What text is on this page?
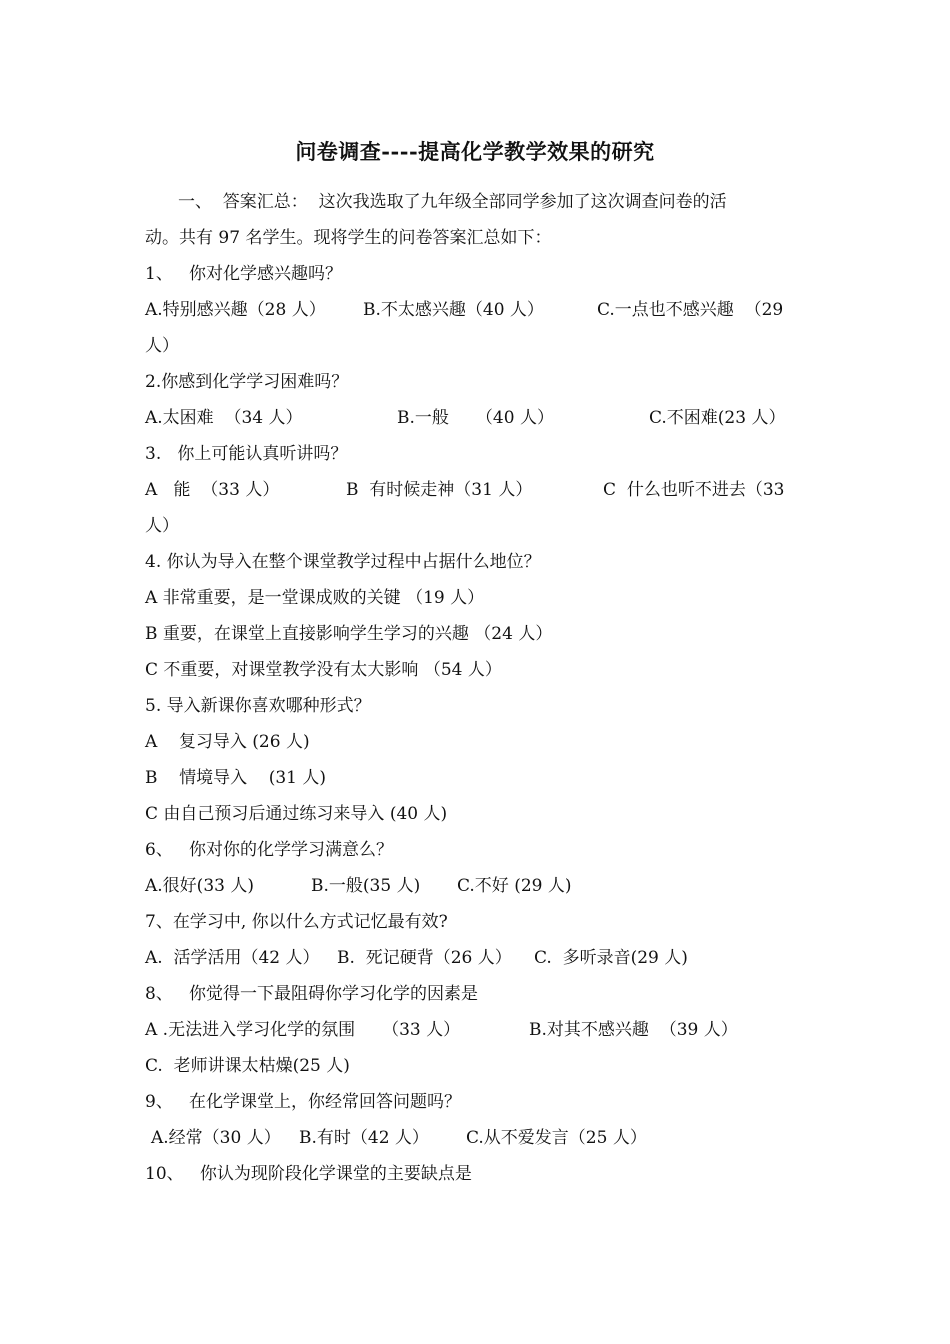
问卷调查----提高化学教学效果的研究
一、  答案汇总：  这次我选取了九年级全部同学参加了这次调查问卷的活
动。共有 97 名学生。现将学生的问卷答案汇总如下：
1、   你对化学感兴趣吗？

A.特别感兴趣（28 人）

B.不太感兴趣（40 人）

	C.一点也不感兴趣  （29

人）
2.你感到化学学习困难吗？

A.太困难  （34 人）

	B.一般     （40 人）

	C.不困难(23 人）

3.   你上可能认真听讲吗？

A   能  （33 人）

	B  有时候走神（31 人）

	C  什么也听不进去（33

人）
4. 你认为导入在整个课堂教学过程中占据什么地位？
A 非常重要，是一堂课成败的关键 （19 人）
B 重要，在课堂上直接影响学生学习的兴趣 （24 人）
C 不重要，对课堂教学没有太大影响 （54 人）
5. 导入新课你喜欢哪种形式？
A    复习导入 (26 人)
B    情境导入    (31 人)
C 由自己预习后通过练习来导入 (40 人)
6、   你对你的化学学习满意么？

A.很好(33 人)

	B.一般(35 人)

C.不好 (29 人)

7、在学习中, 你以什么方式记忆最有效?

A.  活学活用（42 人）

B.  死记硬背（26 人）

C.  多听录音(29 人)

8、   你觉得一下最阻碍你学习化学的因素是

A .无法进入学习化学的氛围     （33 人）

	B.对其不感兴趣  （39 人）

C.  老师讲课太枯燥(25 人)
9、   在化学课堂上，你经常回答问题吗？

A.经常（30 人）

B.有时（42 人）

C.从不爱发言（25 人）

10、   你认为现阶段化学课堂的主要缺点是
